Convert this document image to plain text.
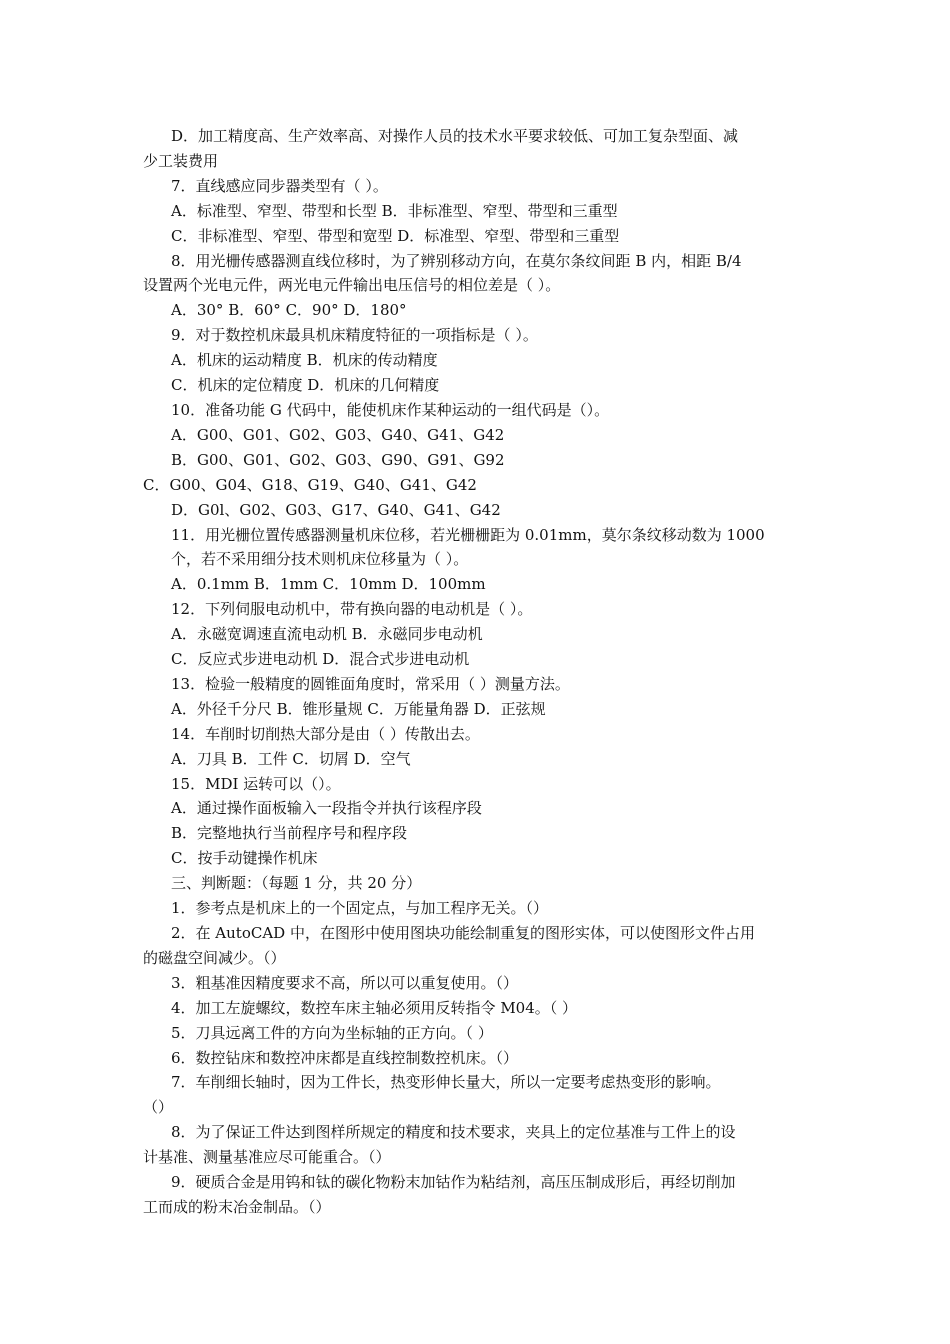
D．加工精度高、生产效率高、对操作人员的技术水平要求较低、可加工复杂型面、减

少工装费用

7．直线感应同步器类型有（ ）。

A．标准型、窄型、带型和长型 B．非标准型、窄型、带型和三重型

C．非标准型、窄型、带型和宽型 D．标准型、窄型、带型和三重型

8．用光栅传感器测直线位移时，为了辨别移动方向，在莫尔条纹间距 B 内，相距 B/4

设置两个光电元件，两光电元件输出电压信号的相位差是（ ）。

A．30° B．60° C．90° D．180°

9．对于数控机床最具机床精度特征的一项指标是（ ）。

A．机床的运动精度 B．机床的传动精度

C．机床的定位精度 D．机床的几何精度

10．准备功能 G 代码中，能使机床作某种运动的一组代码是（）。

A．G00、G01、G02、G03、G40、G41、G42

B．G00、G01、G02、G03、G90、G91、G92

C．G00、G04、G18、G19、G40、G41、G42

D．G0l、G02、G03、G17、G40、G41、G42

11．用光栅位置传感器测量机床位移，若光栅栅距为 0.01mm，莫尔条纹移动数为 1000

个，若不采用细分技术则机床位移量为（ ）。

A．0.1mm B．1mm C．10mm D．100mm

12．下列伺服电动机中，带有换向器的电动机是（ ）。

A．永磁宽调速直流电动机 B．永磁同步电动机

C．反应式步进电动机 D．混合式步进电动机

13．检验一般精度的圆锥面角度时，常采用（ ）测量方法。

A．外径千分尺 B．锥形量规 C．万能量角器 D．正弦规

14．车削时切削热大部分是由（ ）传散出去。

A．刀具 B．工件 C．切屑 D．空气

15．MDI 运转可以（）。

A．通过操作面板输入一段指令并执行该程序段

B．完整地执行当前程序号和程序段

C．按手动键操作机床

三、判断题：（每题 1 分，共 20 分）

1．参考点是机床上的一个固定点，与加工程序无关。（）

2．在 AutoCAD 中，在图形中使用图块功能绘制重复的图形实体，可以使图形文件占用

的磁盘空间减少。（）

3．粗基准因精度要求不高，所以可以重复使用。（）

4．加工左旋螺纹，数控车床主轴必须用反转指令 M04。（ ）

5．刀具远离工件的方向为坐标轴的正方向。（ ）

6．数控钻床和数控冲床都是直线控制数控机床。（）

7．车削细长轴时，因为工件长，热变形伸长量大，所以一定要考虑热变形的影响。

（）

8．为了保证工件达到图样所规定的精度和技术要求，夹具上的定位基准与工件上的设

计基准、测量基准应尽可能重合。（）

9．硬质合金是用钨和钛的碳化物粉末加钴作为粘结剂，高压压制成形后，再经切削加

工而成的粉末冶金制品。（）
